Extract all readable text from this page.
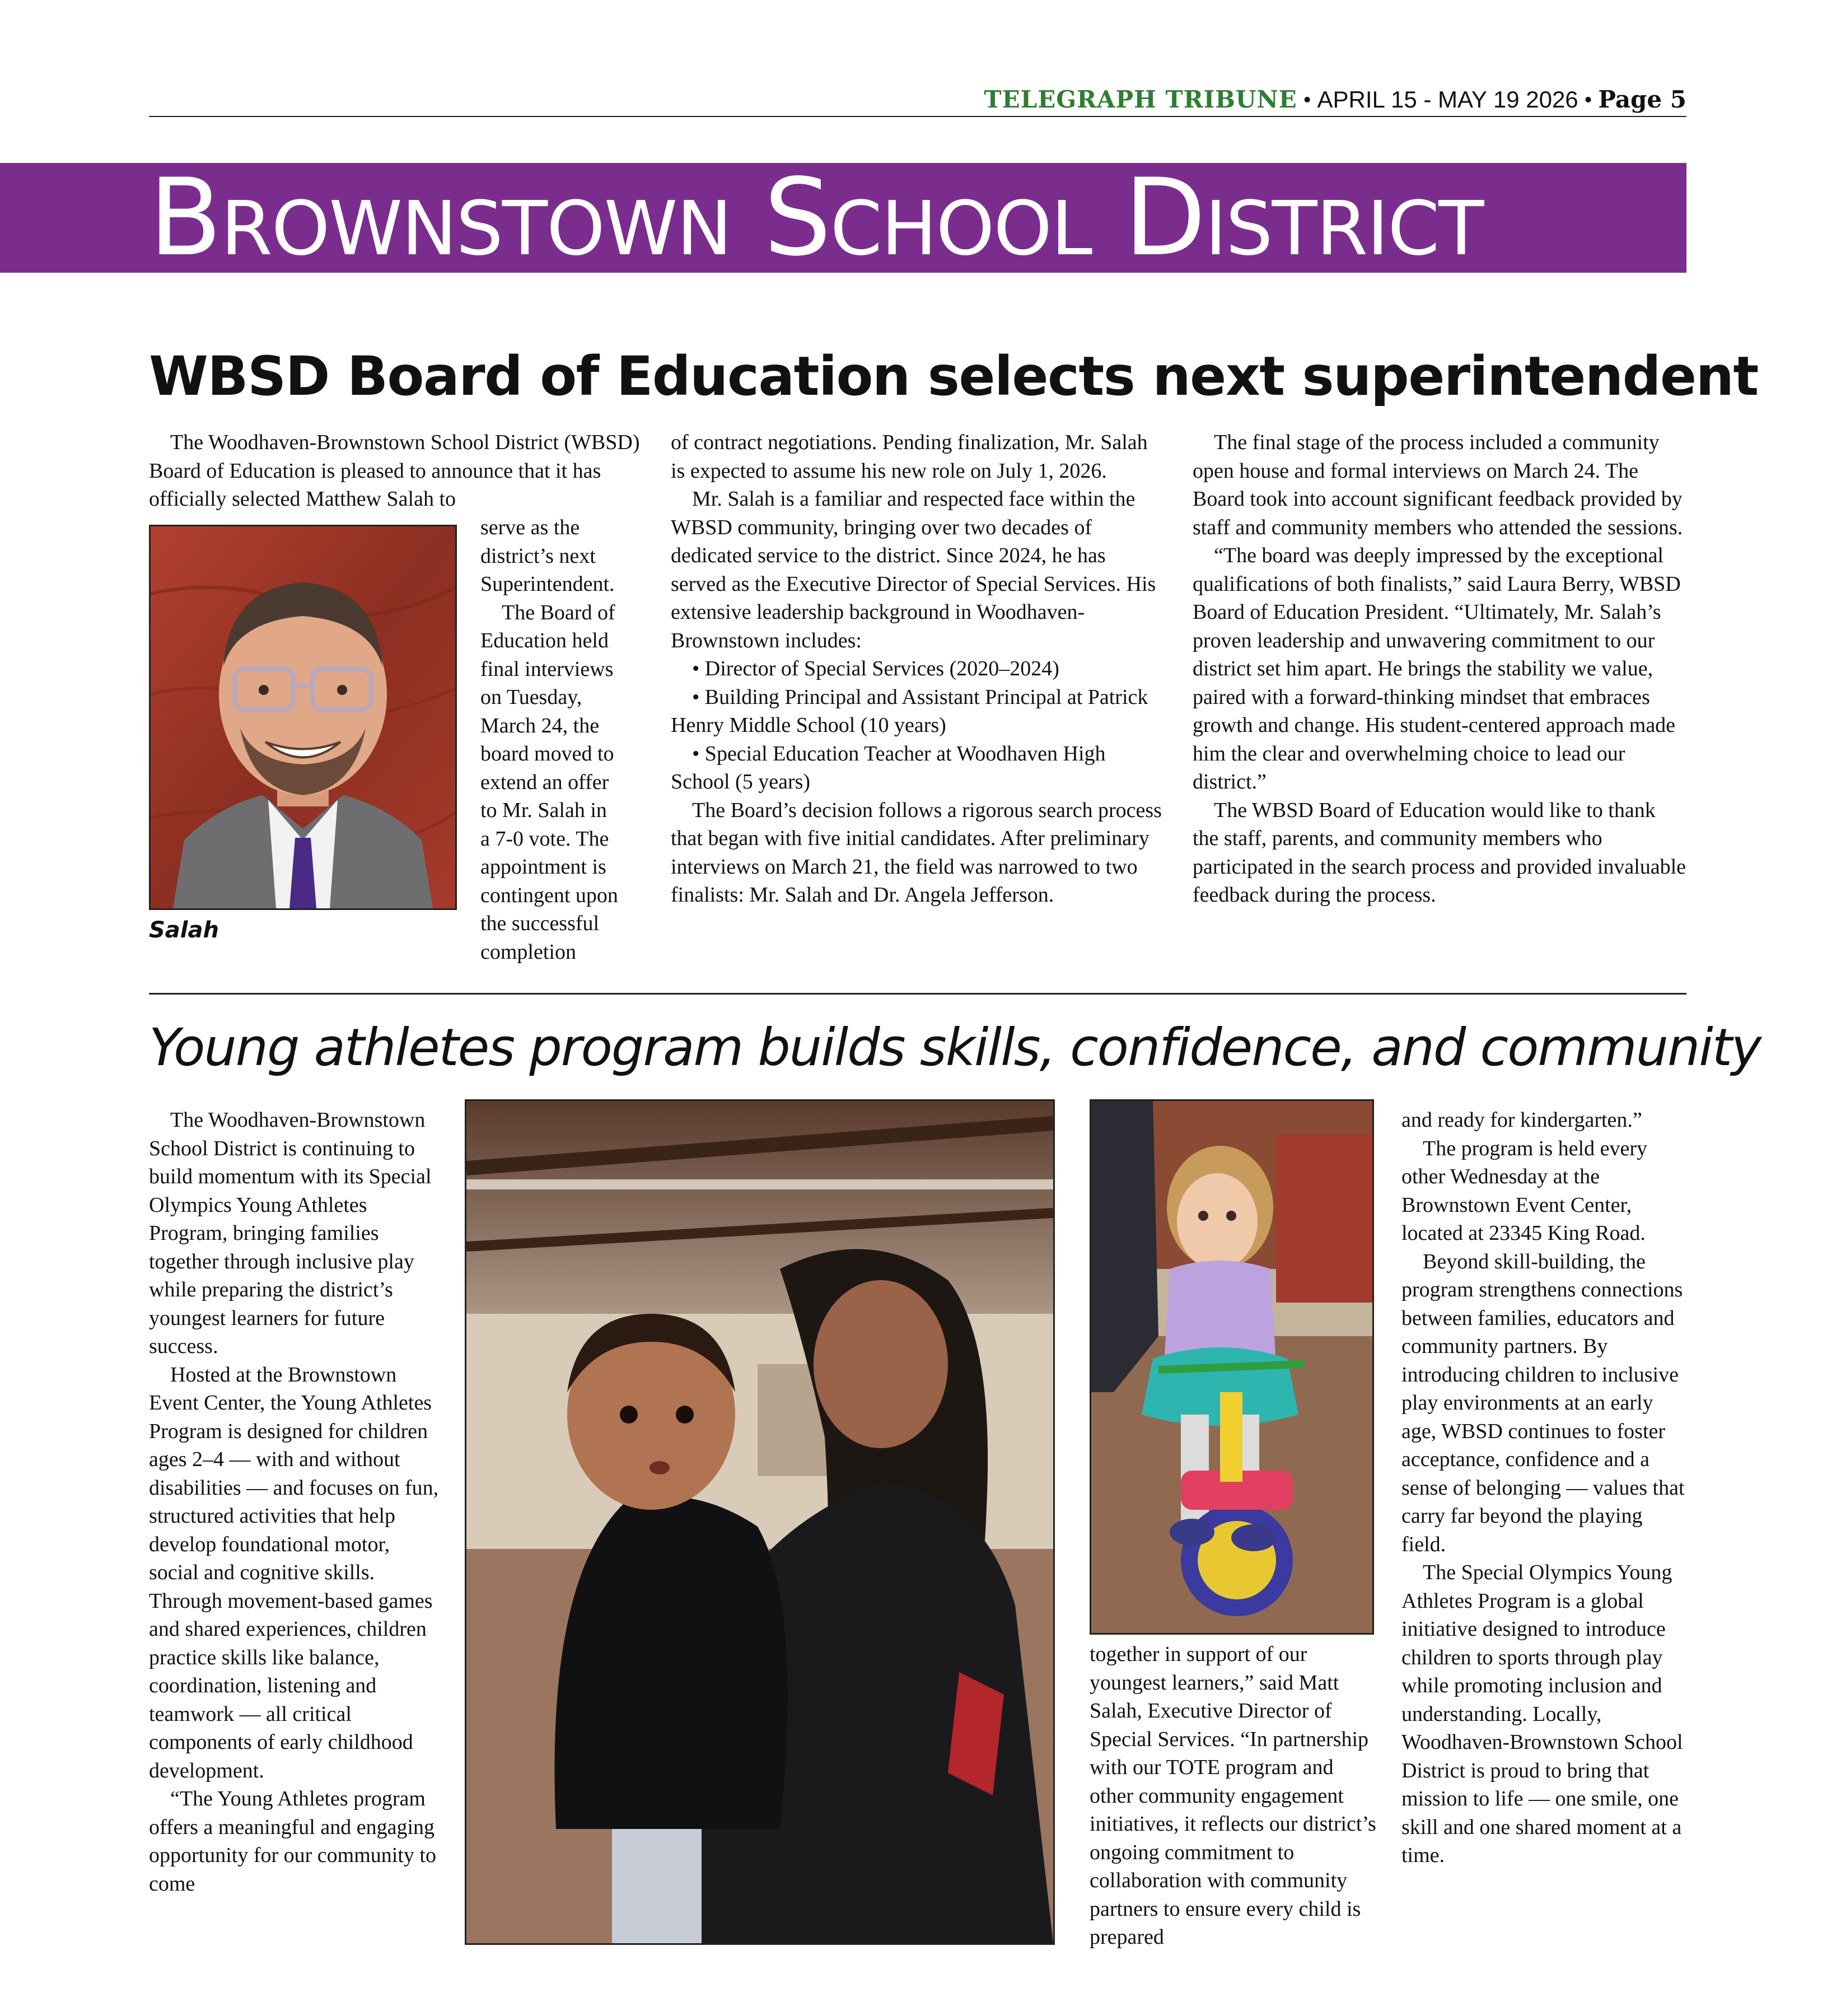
TELEGRAPH TRIBUNE • APRIL 15 - MAY 19 2026 • Page 5
Brownstown School District
WBSD Board of Education selects next superintendent

The Woodhaven-Brownstown School District (WBSD) Board of Education is pleased to announce that it has officially selected Matthew Salah to

Salah
serve as the
district’s next
Superintendent.
The Board of
Education held
final interviews
on Tuesday,
March 24, the
board moved to
extend an offer
to Mr. Salah in
a 7-0 vote. The
appointment is
contingent upon
the successful
completion

of contract negotiations. Pending finalization, Mr. Salah is expected to assume his new role on July 1, 2026.

Mr. Salah is a familiar and respected face within the WBSD community, bringing over two decades of dedicated service to the district. Since 2024, he has served as the Executive Director of Special Services. His extensive leadership background in Woodhaven-Brownstown includes:

• Director of Special Services (2020–2024)

• Building Principal and Assistant Principal at Patrick Henry Middle School (10 years)

• Special Education Teacher at Woodhaven High School (5 years)

The Board’s decision follows a rigorous search process that began with five initial candidates. After preliminary interviews on March 21, the field was narrowed to two finalists: Mr. Salah and Dr. Angela Jefferson.

The final stage of the process included a community open house and formal interviews on March 24. The Board took into account significant feedback provided by staff and community members who attended the sessions.

“The board was deeply impressed by the exceptional qualifications of both finalists,” said Laura Berry, WBSD Board of Education President. “Ultimately, Mr. Salah’s proven leadership and unwavering commitment to our district set him apart. He brings the stability we value, paired with a forward-thinking mindset that embraces growth and change. His student-centered approach made him the clear and overwhelming choice to lead our district.”

The WBSD Board of Education would like to thank the staff, parents, and community members who participated in the search process and provided invaluable feedback during the process.

Young athletes program builds skills, confidence, and community

The Woodhaven-Brownstown School District is continuing to build momentum with its Special Olympics Young Athletes Program, bringing families together through inclusive play while preparing the district’s youngest learners for future success.

Hosted at the Brownstown Event Center, the Young Athletes Program is designed for children ages 2–4 — with and without disabilities — and focuses on fun, structured activities that help develop foundational motor, social and cognitive skills. Through movement-based games and shared experiences, children practice skills like balance, coordination, listening and teamwork — all critical components of early childhood development.

“The Young Athletes program offers a meaningful and engaging opportunity for our community to come

together in support of our youngest learners,” said Matt Salah, Executive Director of Special Services. “In partnership with our TOTE program and other community engagement initiatives, it reflects our district’s ongoing commitment to collaboration with community partners to ensure every child is prepared

and ready for kindergarten.”

The program is held every other Wednesday at the Brownstown Event Center, located at 23345 King Road.

Beyond skill-building, the program strengthens connections between families, educators and community partners. By introducing children to inclusive play environments at an early age, WBSD continues to foster acceptance, confidence and a sense of belonging — values that carry far beyond the playing field.

The Special Olympics Young Athletes Program is a global initiative designed to introduce children to sports through play while promoting inclusion and understanding. Locally, Woodhaven-Brownstown School District is proud to bring that mission to life — one smile, one skill and one shared moment at a time.
